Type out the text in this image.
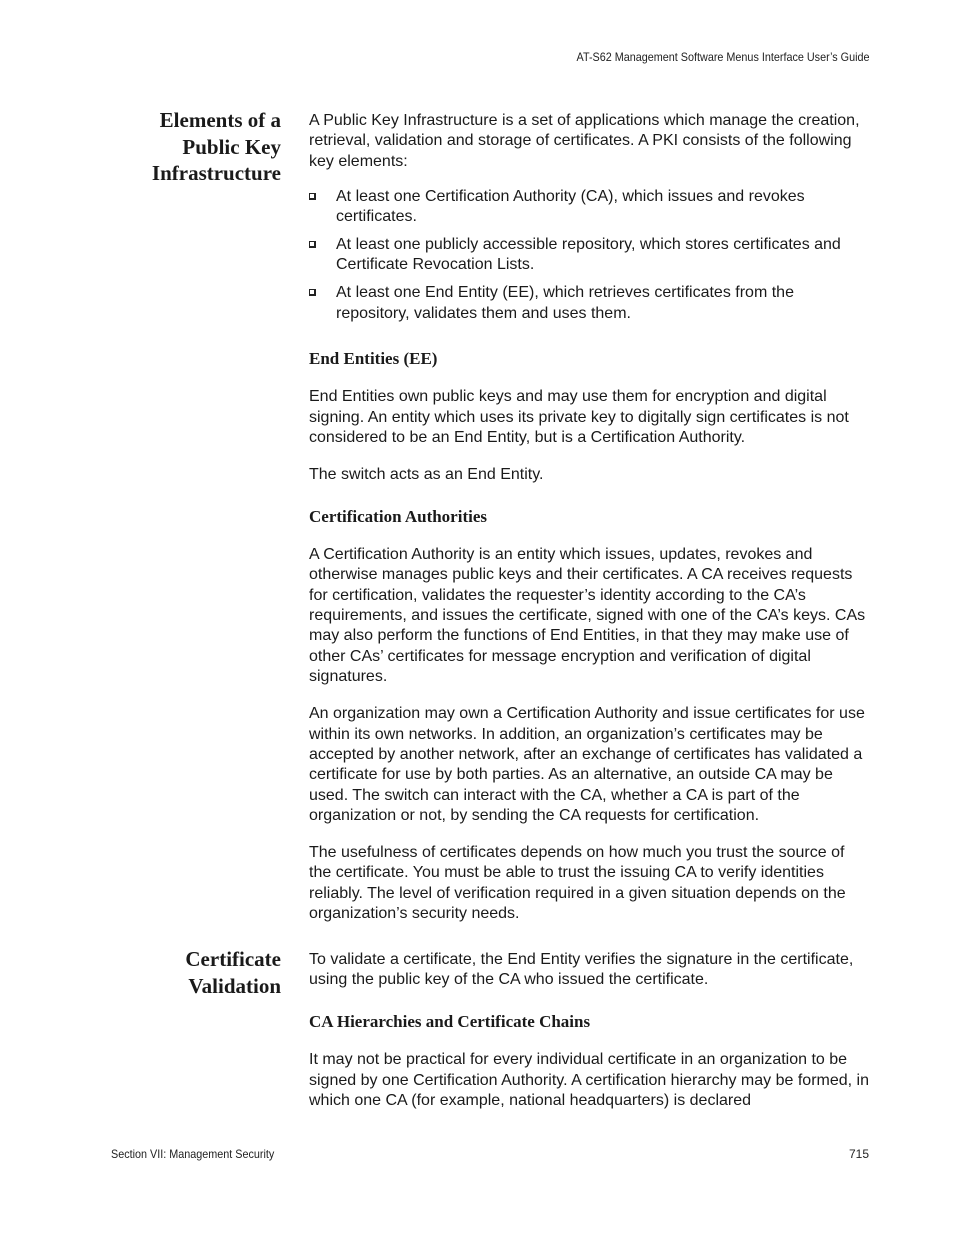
AT-S62 Management Software Menus Interface User’s Guide
Elements of a
Public Key
Infrastructure

A Public Key Infrastructure is a set of applications which manage the creation, retrieval, validation and storage of certificates. A PKI consists of the following key elements:

At least one Certification Authority (CA), which issues and revokes certificates.
At least one publicly accessible repository, which stores certificates and Certificate Revocation Lists.
At least one End Entity (EE), which retrieves certificates from the repository, validates them and uses them.
End Entities (EE)

End Entities own public keys and may use them for encryption and digital signing. An entity which uses its private key to digitally sign certificates is not considered to be an End Entity, but is a Certification Authority.

The switch acts as an End Entity.

Certification Authorities

A Certification Authority is an entity which issues, updates, revokes and otherwise manages public keys and their certificates. A CA receives requests for certification, validates the requester’s identity according to the CA’s requirements, and issues the certificate, signed with one of the CA’s keys. CAs may also perform the functions of End Entities, in that they may make use of other CAs’ certificates for message encryption and verification of digital signatures.

An organization may own a Certification Authority and issue certificates for use within its own networks. In addition, an organization’s certificates may be accepted by another network, after an exchange of certificates has validated a certificate for use by both parties. As an alternative, an outside CA may be used. The switch can interact with the CA, whether a CA is part of the organization or not, by sending the CA requests for certification.

The usefulness of certificates depends on how much you trust the source of the certificate. You must be able to trust the issuing CA to verify identities reliably. The level of verification required in a given situation depends on the organization’s security needs.

Certificate
Validation

To validate a certificate, the End Entity verifies the signature in the certificate, using the public key of the CA who issued the certificate.

CA Hierarchies and Certificate Chains

It may not be practical for every individual certificate in an organization to be signed by one Certification Authority. A certification hierarchy may be formed, in which one CA (for example, national headquarters) is declared

Section VII: Management Security	715
